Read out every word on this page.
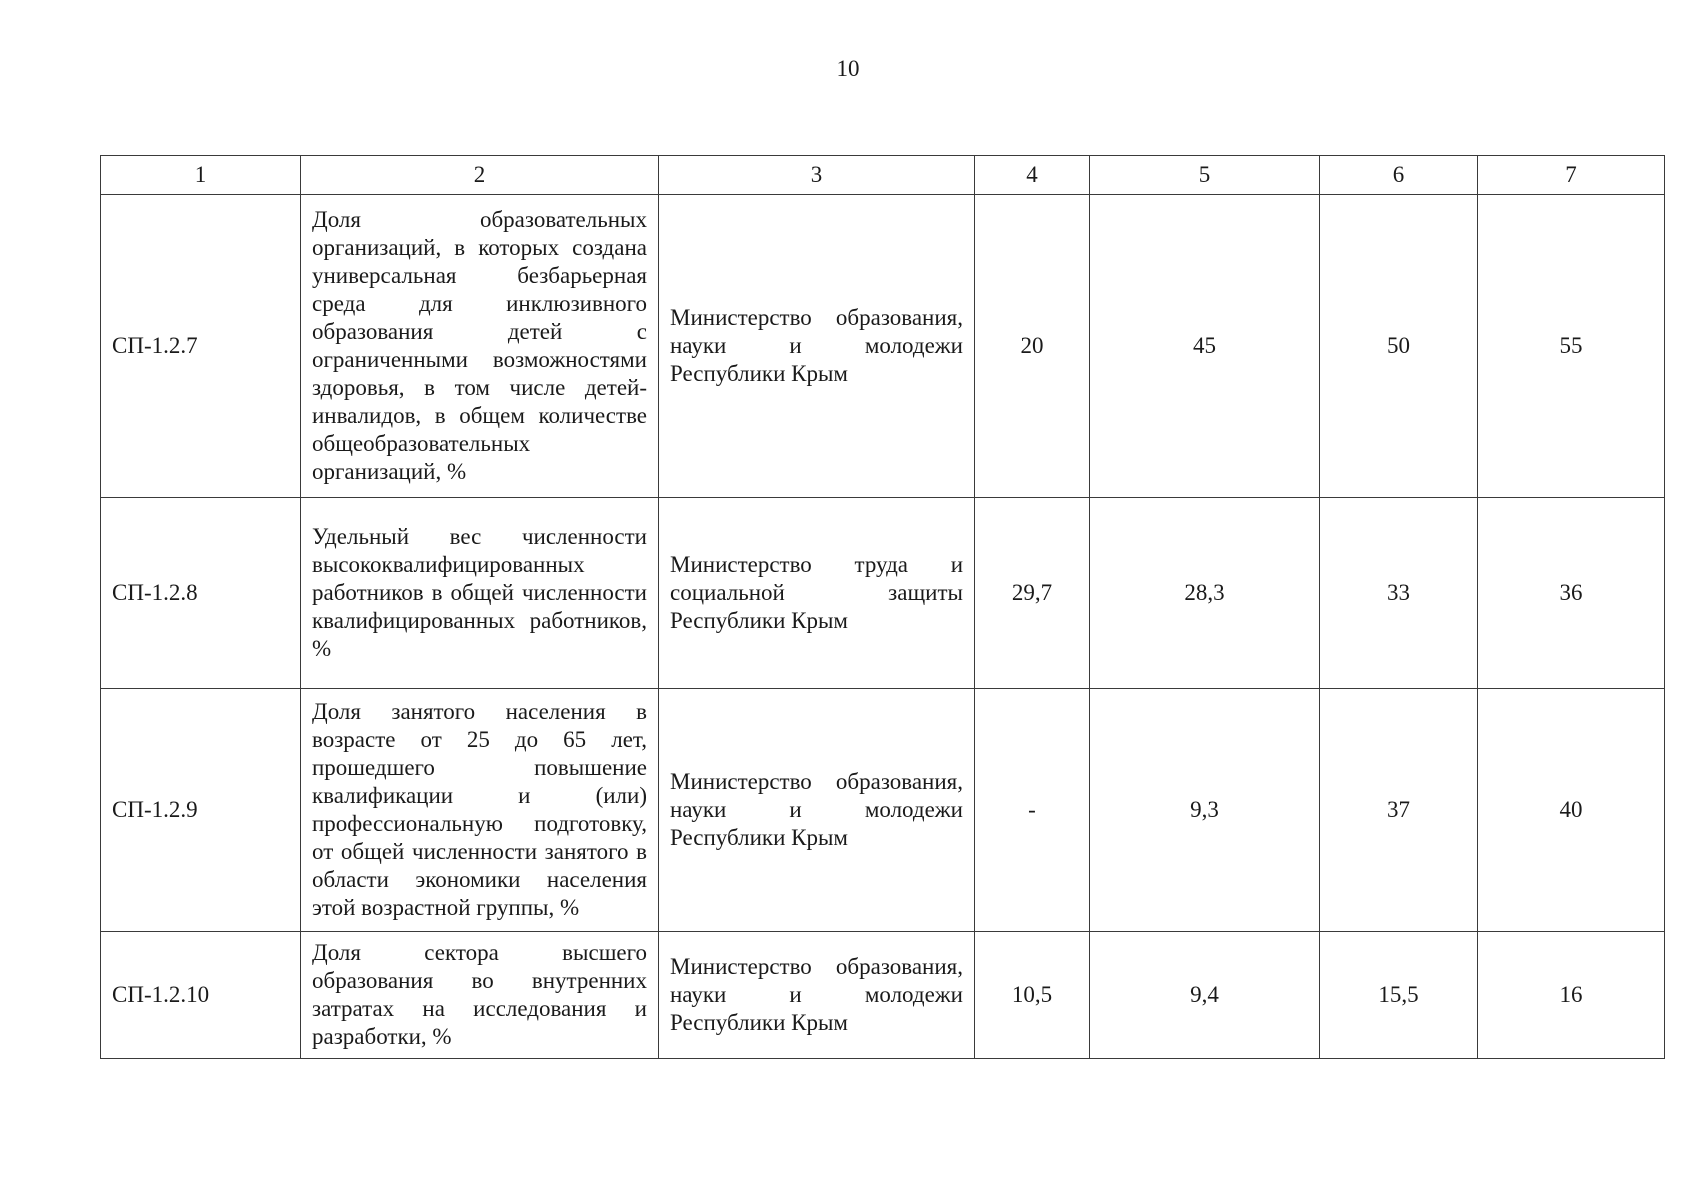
10
1	2	3	4	5	6	7
СП-1.2.7	Доля образовательных организаций, в которых создана универсальная безбарьерная среда для инклюзивного образования детей с ограниченными возможностями здоровья, в том числе детей-инвалидов, в общем количестве общеобразовательных организаций, %	Министерство образования, науки и молодежи Республики Крым	20	45	50	55
СП-1.2.8	Удельный вес численности высококвалифицированных работников в общей численности квалифицированных работников, %	Министерство труда и социальной защиты Республики Крым	29,7	28,3	33	36
СП-1.2.9	Доля занятого населения в возрасте от 25 до 65 лет, прошедшего повышение квалификации и (или) профессиональную подготовку, от общей численности занятого в области экономики населения этой возрастной группы, %	Министерство образования, науки и молодежи Республики Крым	-	9,3	37	40
СП-1.2.10	Доля сектора высшего образования во внутренних затратах на исследования и разработки, %	Министерство образования, науки и молодежи Республики Крым	10,5	9,4	15,5	16
